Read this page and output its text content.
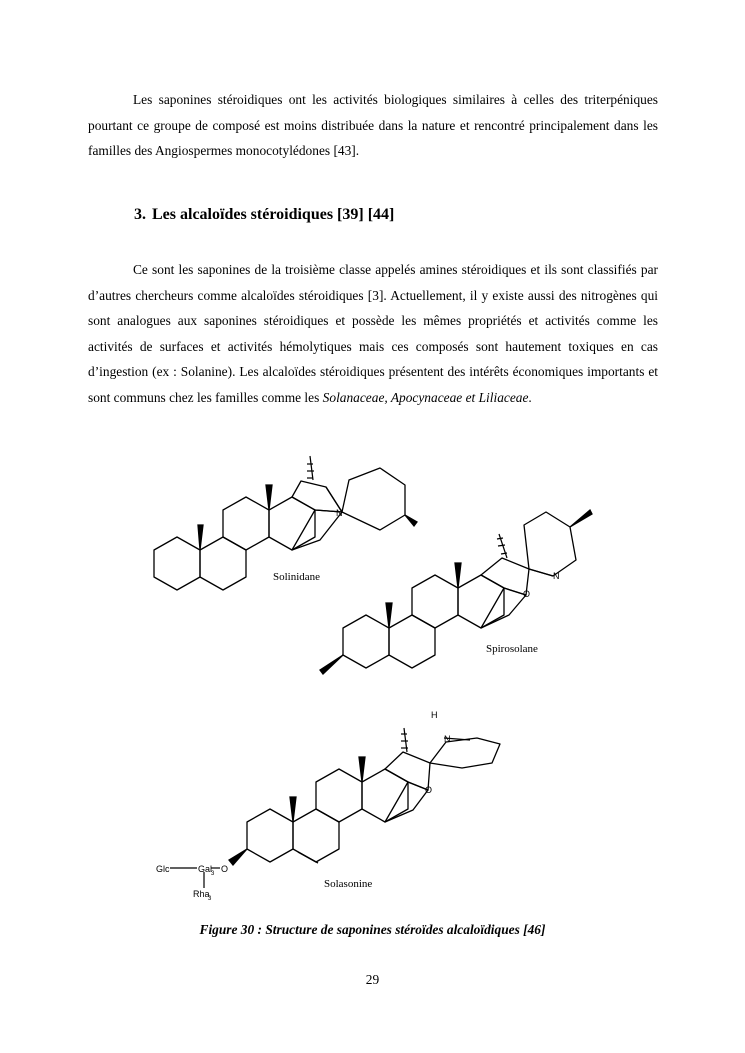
Les saponines stéroidiques ont les activités biologiques similaires à celles des triterpéniques pourtant ce groupe de composé est moins distribuée dans la nature et rencontré principalement dans les familles des Angiospermes monocotylédones [43].

3. Les alcaloïdes stéroidiques [39] [44]

Ce sont les saponines de la troisième classe appelés amines stéroidiques et ils sont classifiés par d’autres chercheurs comme alcaloïdes stéroidiques [3]. Actuellement, il y existe aussi des nitrogènes qui sont analogues aux saponines stéroidiques et possède les mêmes propriétés et activités comme les activités de surfaces et activités hémolytiques mais ces composés sont hautement toxiques en cas d’ingestion (ex : Solanine). Les alcaloïdes stéroidiques présentent des intérêts économiques importants et sont communs chez les familles comme les Solanaceae, Apocynaceae et Liliaceae.

N
O
N
O
N
H
O
Glc	Gal
3
Rha
3
Solinidane
Spirosolane
Solasonine

Figure 30 : Structure de saponines stéroïdes alcaloïdiques [46]

29
